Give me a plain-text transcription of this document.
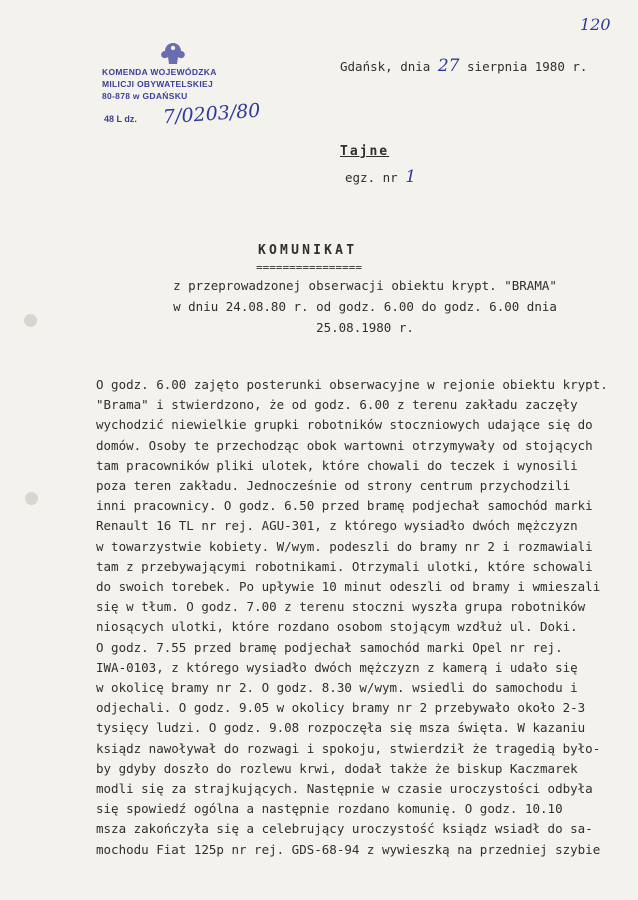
120
KOMENDA WOJEWÓDZKA
MILICJI OBYWATELSKIEJ
80-878 w GDAŃSKU
48 L dz. 7/0203/80
Gdańsk, dnia 27 sierpnia 1980 r.
Tajne
egz. nr 1
KOMUNIKAT
================
z przeprowadzonej obserwacji obiektu krypt. "BRAMA"
w dniu 24.08.80 r. od godz. 6.00 do godz. 6.00 dnia
25.08.1980 r.
O godz. 6.00 zajęto posterunki obserwacyjne w rejonie obiektu krypt.
"Brama" i stwierdzono, że od godz. 6.00 z terenu zakładu zaczęły
wychodzić niewielkie grupki robotników stoczniowych udające się do
domów. Osoby te przechodząc obok wartowni otrzymywały od stojących
tam pracowników pliki ulotek, które chowali do teczek i wynosili
poza teren zakładu. Jednocześnie od strony centrum przychodzili
inni pracownicy. O godz. 6.50 przed bramę podjechał samochód marki
Renault 16 TL nr rej. AGU-301, z którego wysiadło dwóch mężczyzn
w towarzystwie kobiety. W/wym. podeszli do bramy nr 2 i rozmawiali
tam z przebywającymi robotnikami. Otrzymali ulotki, które schowali
do swoich torebek. Po upływie 10 minut odeszli od bramy i wmieszali
się w tłum. O godz. 7.00 z terenu stoczni wyszła grupa robotników
niosących ulotki, które rozdano osobom stojącym wzdłuż ul. Doki.
O godz. 7.55 przed bramę podjechał samochód marki Opel nr rej.
IWA-0103, z którego wysiadło dwóch mężczyzn z kamerą i udało się
w okolicę bramy nr 2. O godz. 8.30 w/wym. wsiedli do samochodu i
odjechali. O godz. 9.05 w okolicy bramy nr 2 przebywało około 2-3
tysięcy ludzi. O godz. 9.08 rozpoczęła się msza święta. W kazaniu
ksiądz nawoływał do rozwagi i spokoju, stwierdził że tragedią było-
by gdyby doszło do rozlewu krwi, dodał także że biskup Kaczmarek
modli się za strajkujących. Następnie w czasie uroczystości odbyła
się spowiedź ogólna a następnie rozdano komunię. O godz. 10.10
msza zakończyła się a celebrujący uroczystość ksiądz wsiadł do sa-
mochodu Fiat 125p nr rej. GDS-68-94 z wywieszką na przedniej szybie
